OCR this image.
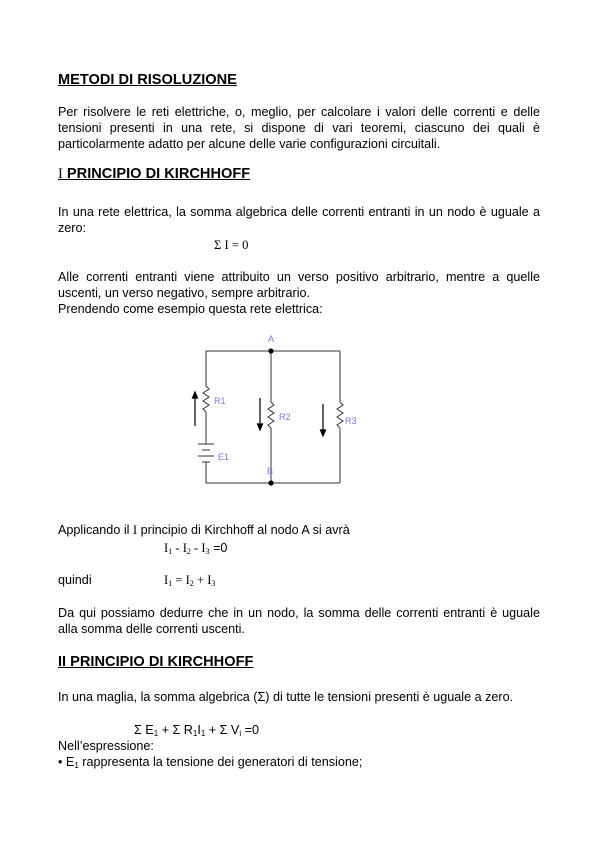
METODI DI RISOLUZIONE
Per risolvere le reti elettriche, o, meglio, per calcolare i valori delle correnti e delle tensioni presenti in una rete, si dispone di vari teoremi, ciascuno dei quali è particolarmente adatto per alcune delle varie configurazioni circuitali.
I PRINCIPIO DI KIRCHHOFF
In una rete elettrica, la somma algebrica delle correnti entranti in un nodo è uguale a zero:
Σ I = 0
Alle correnti entranti viene attribuito un verso positivo arbitrario, mentre a quelle uscenti, un verso negativo, sempre arbitrario.
Prendendo come esempio questa rete elettrica:
Applicando il I principio di Kirchhoff al nodo A si avrà
$I_1 - I_2 - I_3 =0$
quindi	$I_1 = I_2 + I_3$
Da qui possiamo dedurre che in un nodo, la somma delle correnti entranti è uguale alla somma delle correnti uscenti.
II PRINCIPIO DI KIRCHHOFF
In una maglia, la somma algebrica (Σ) di tutte le tensioni presenti è uguale a zero.
Σ $E_1 + \Sigma$ $R_1I_1 + \Sigma$ $V_i =0$
Nell’espressione:
• $E_1$ rappresenta la tensione dei generatori di tensione;
A
B
R1
R2	R3
E1
